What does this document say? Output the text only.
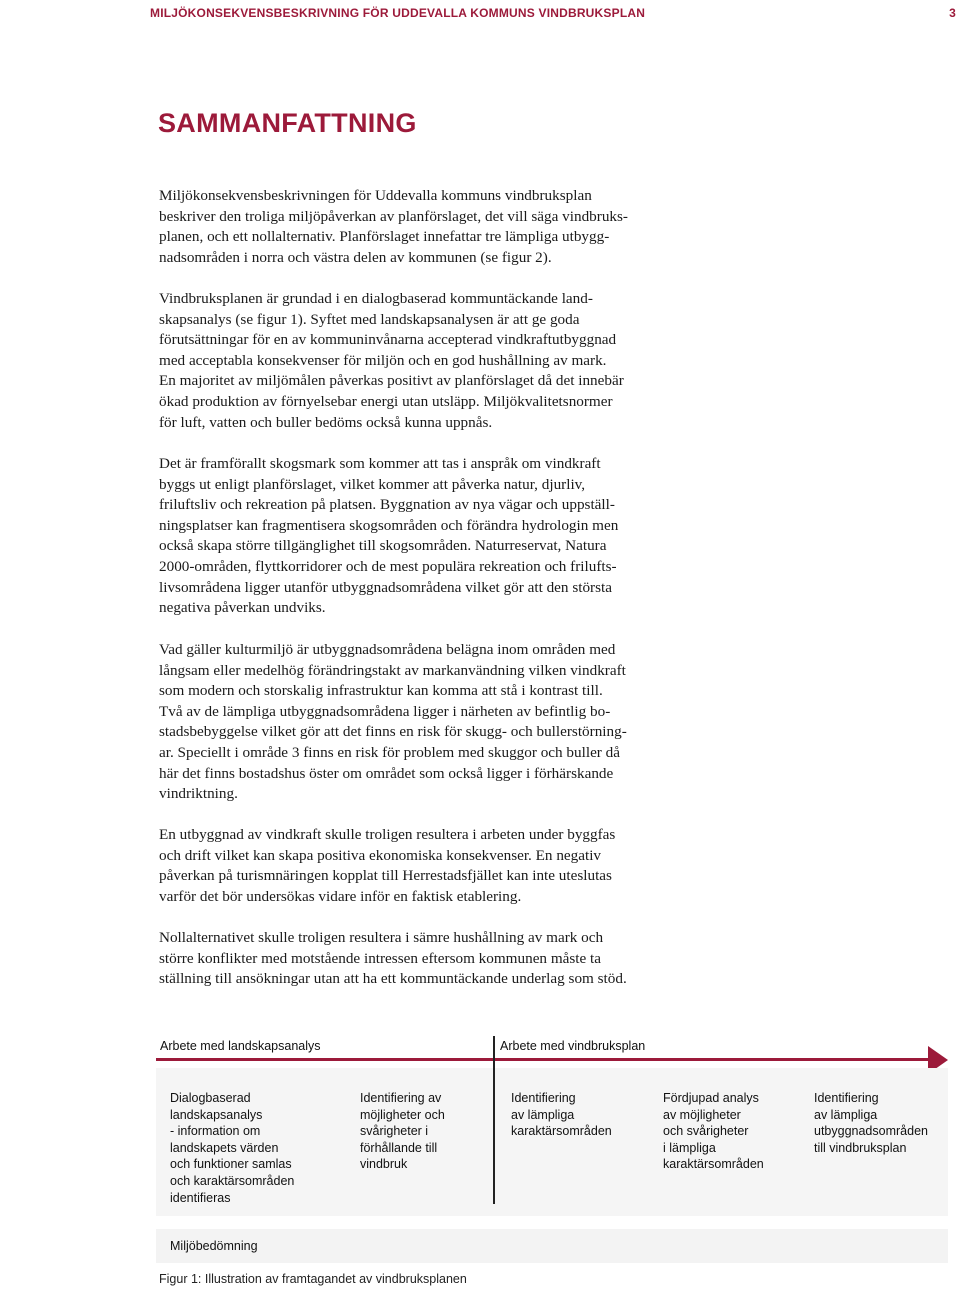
MILJÖKONSEKVENSBESKRIVNING FÖR UDDEVALLA KOMMUNS VINDBRUKSPLAN	3
SAMMANFATTNING

Miljökonsekvensbeskrivningen för Uddevalla kommuns vindbruksplan
beskriver den troliga miljöpåverkan av planförslaget, det vill säga vindbruks-
planen, och ett nollalternativ. Planförslaget innefattar tre lämpliga utbygg-
nadsområden i norra och västra delen av kommunen (se figur 2).

Vindbruksplanen är grundad i en dialogbaserad kommuntäckande land-
skapsanalys (se figur 1). Syftet med landskapsanalysen är att ge goda
förutsättningar för en av kommuninvånarna accepterad vindkraftutbyggnad
med acceptabla konsekvenser för miljön och en god hushållning av mark.
En majoritet av miljömålen påverkas positivt av planförslaget då det innebär
ökad produktion av förnyelsebar energi utan utsläpp. Miljökvalitetsnormer
för luft, vatten och buller bedöms också kunna uppnås.

Det är framförallt skogsmark som kommer att tas i anspråk om vindkraft
byggs ut enligt planförslaget, vilket kommer att påverka natur, djurliv,
friluftsliv och rekreation på platsen. Byggnation av nya vägar och uppställ-
ningsplatser kan fragmentisera skogsområden och förändra hydrologin men
också skapa större tillgänglighet till skogsområden. Naturreservat, Natura
2000-områden, flyttkorridorer och de mest populära rekreation och frilufts-
livsområdena ligger utanför utbyggnadsområdena vilket gör att den största
negativa påverkan undviks.

Vad gäller kulturmiljö är utbyggnadsområdena belägna inom områden med
långsam eller medelhög förändringstakt av markanvändning vilken vindkraft
som modern och storskalig infrastruktur kan komma att stå i kontrast till.
Två av de lämpliga utbyggnadsområdena ligger i närheten av befintlig bo-
stadsbebyggelse vilket gör att det finns en risk för skugg- och bullerstörning-
ar. Speciellt i område 3 finns en risk för problem med skuggor och buller då
här det finns bostadshus öster om området som också ligger i förhärskande
vindriktning.

En utbyggnad av vindkraft skulle troligen resultera i arbeten under byggfas
och drift vilket kan skapa positiva ekonomiska konsekvenser. En negativ
påverkan på turismnäringen kopplat till Herrestadsfjället kan inte uteslutas
varför det bör undersökas vidare inför en faktisk etablering.

Nollalternativet skulle troligen resultera i sämre hushållning av mark och
större konflikter med motstående intressen eftersom kommunen måste ta
ställning till ansökningar utan att ha ett kommuntäckande underlag som stöd.

Arbete med landskapsanalys	Arbete med vindbruksplan

Dialogbaserad
landskapsanalys
- information om
landskapets värden
och funktioner samlas
och karaktärsområden
identifieras

Identifiering av
möjligheter och
svårigheter i
förhållande till
vindbruk

Identifiering
av lämpliga
karaktärsområden

Fördjupad analys
av möjligheter
och svårigheter
i lämpliga
karaktärsområden

Identifiering
av lämpliga
utbyggnadsområden
till vindbruksplan

Miljöbedömning
Figur 1: Illustration av framtagandet av vindbruksplanen
